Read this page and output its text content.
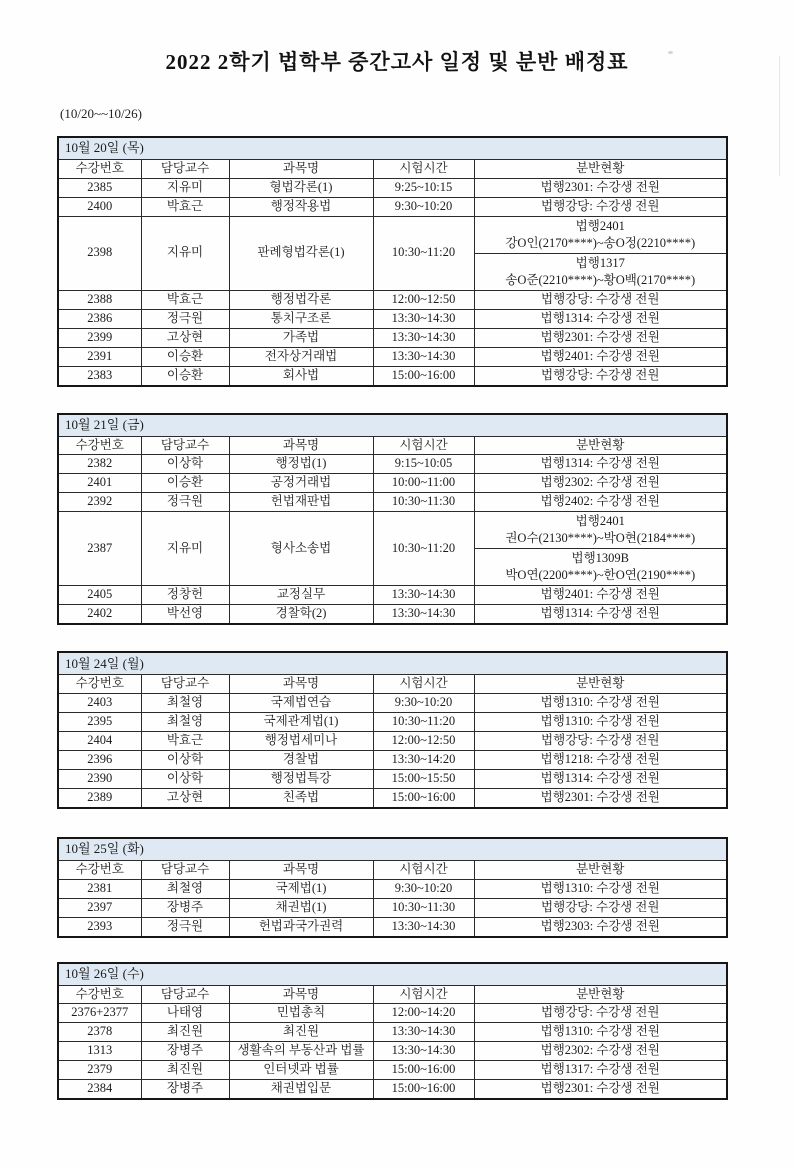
2022 2학기 법학부 중간고사 일정 및 분반 배정표
(10/20~~10/26)
10월 20일 (목)				
수강번호	담당교수	과목명	시험시간	분반현황
2385	지유미	형법각론(1)	9:25~10:15	법행2301: 수강생 전원
2400	박효근	행정작용법	9:30~10:20	법행강당: 수강생 전원
2398	지유미	판례형법각론(1)	10:30~11:20	법행2401
강O인(2170****)~송O정(2210****)

				법행1317
송O준(2210****)~황O백(2170****)

2388	박효근	행정법각론	12:00~12:50	법행강당: 수강생 전원
2386	정극원	통치구조론	13:30~14:30	법행1314: 수강생 전원
2399	고상현	가족법	13:30~14:30	법행2301: 수강생 전원
2391	이승환	전자상거래법	13:30~14:30	법행2401: 수강생 전원
2383	이승환	회사법	15:00~16:00	법행강당: 수강생 전원
10월 21일 (금)				
수강번호	담당교수	과목명	시험시간	분반현황
2382	이상학	행정법(1)	9:15~10:05	법행1314: 수강생 전원
2401	이승환	공정거래법	10:00~11:00	법행2302: 수강생 전원
2392	정극원	헌법재판법	10:30~11:30	법행2402: 수강생 전원
2387	지유미	형사소송법	10:30~11:20	법행2401
권O수(2130****)~박O현(2184****)

				법행1309B
박O연(2200****)~한O연(2190****)

2405	정창헌	교정실무	13:30~14:30	법행2401: 수강생 전원
2402	박선영	경찰학(2)	13:30~14:30	법행1314: 수강생 전원
10월 24일 (월)				
수강번호	담당교수	과목명	시험시간	분반현황
2403	최철영	국제법연습	9:30~10:20	법행1310: 수강생 전원
2395	최철영	국제관계법(1)	10:30~11:20	법행1310: 수강생 전원
2404	박효근	행정법세미나	12:00~12:50	법행강당: 수강생 전원
2396	이상학	경찰법	13:30~14:20	법행1218: 수강생 전원
2390	이상학	행정법특강	15:00~15:50	법행1314: 수강생 전원
2389	고상현	친족법	15:00~16:00	법행2301: 수강생 전원
10월 25일 (화)				
수강번호	담당교수	과목명	시험시간	분반현황
2381	최철영	국제법(1)	9:30~10:20	법행1310: 수강생 전원
2397	장병주	채권법(1)	10:30~11:30	법행강당: 수강생 전원
2393	정극원	헌법과국가권력	13:30~14:30	법행2303: 수강생 전원
10월 26일 (수)				
수강번호	담당교수	과목명	시험시간	분반현황
2376+2377	나태영	민법총칙	12:00~14:20	법행강당: 수강생 전원
2378	최진원	최진원	13:30~14:30	법행1310: 수강생 전원
1313	장병주	생활속의 부동산과 법률	13:30~14:30	법행2302: 수강생 전원
2379	최진원	인터넷과 법률	15:00~16:00	법행1317: 수강생 전원
2384	장병주	채권법입문	15:00~16:00	법행2301: 수강생 전원
